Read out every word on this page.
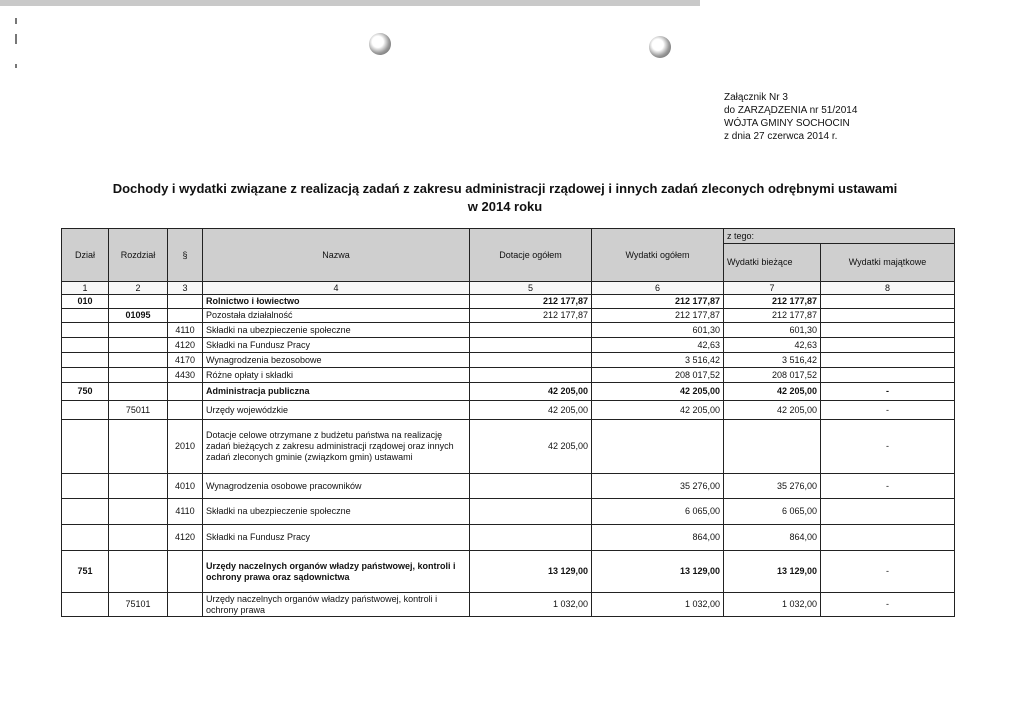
Załącznik Nr 3
do ZARZĄDZENIA nr 51/2014
WÓJTA GMINY SOCHOCIN
z dnia 27 czerwca 2014 r.
Dochody i wydatki związane z realizacją zadań z zakresu administracji rządowej i innych zadań zleconych odrębnymi ustawami
w 2014 roku
Dział	Rozdział	§	Nazwa	Dotacje ogółem	Wydatki ogółem	z tego:	
						Wydatki bieżące	Wydatki majątkowe
1	2	3	4	5	6	7	8
010			Rolnictwo i łowiectwo	212 177,87	212 177,87	212 177,87	
	01095		Pozostała działalność	212 177,87	212 177,87	212 177,87	
		4110	Składki na ubezpieczenie społeczne		601,30	601,30	
		4120	Składki na Fundusz Pracy		42,63	42,63	
		4170	Wynagrodzenia bezosobowe		3 516,42	3 516,42	
		4430	Różne opłaty i składki		208 017,52	208 017,52	
750			Administracja publiczna	42 205,00	42 205,00	42 205,00	-
	75011		Urzędy wojewódzkie	42 205,00	42 205,00	42 205,00	-
		2010	Dotacje celowe otrzymane z budżetu państwa na realizację zadań bieżących z zakresu administracji rządowej oraz innych zadań zleconych gminie (związkom gmin) ustawami	42 205,00			-
		4010	Wynagrodzenia osobowe pracowników		35 276,00	35 276,00	-
		4110	Składki na ubezpieczenie społeczne		6 065,00	6 065,00	
		4120	Składki na Fundusz Pracy		864,00	864,00	
751			Urzędy naczelnych organów władzy państwowej, kontroli i ochrony prawa oraz sądownictwa	13 129,00	13 129,00	13 129,00	-
	75101		Urzędy naczelnych organów władzy państwowej, kontroli i ochrony prawa	1 032,00	1 032,00	1 032,00	-
